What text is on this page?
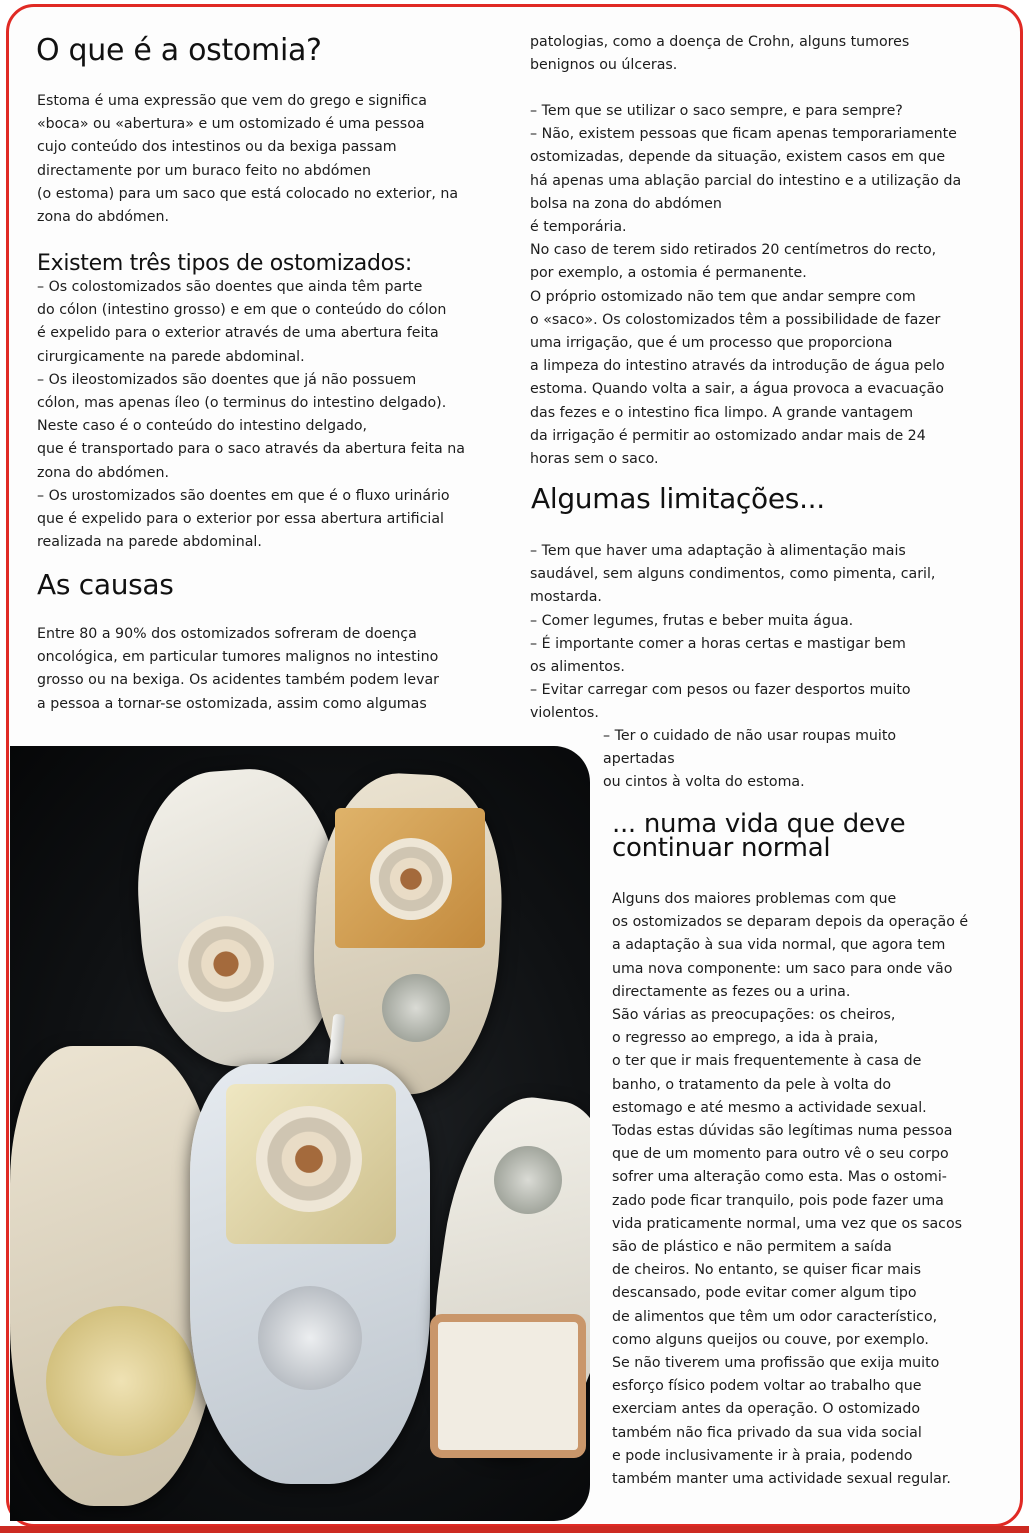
O que é a ostomia?

Estoma é uma expressão que vem do grego e significa
«boca» ou «abertura» e um ostomizado é uma pessoa
cujo conteúdo dos intestinos ou da bexiga passam
directamente por um buraco feito no abdómen
(o estoma) para um saco que está colocado no exterior, na
zona do abdómen.

Existem três tipos de ostomizados:

– Os colostomizados são doentes que ainda têm parte
do cólon (intestino grosso) e em que o conteúdo do cólon
é expelido para o exterior através de uma abertura feita
cirurgicamente na parede abdominal.
– Os ileostomizados são doentes que já não possuem
cólon, mas apenas íleo (o terminus do intestino delgado).
Neste caso é o conteúdo do intestino delgado,
que é transportado para o saco através da abertura feita na
zona do abdómen.
– Os urostomizados são doentes em que é o fluxo urinário
que é expelido para o exterior por essa abertura artificial
realizada na parede abdominal.

As causas

Entre 80 a 90% dos ostomizados sofreram de doença
oncológica, em particular tumores malignos no intestino
grosso ou na bexiga. Os acidentes também podem levar
a pessoa a tornar-se ostomizada, assim como algumas

patologias, como a doença de Crohn, alguns tumores
benignos ou úlceras.

– Tem que se utilizar o saco sempre, e para sempre?
– Não, existem pessoas que ficam apenas temporariamente
ostomizadas, depende da situação, existem casos em que
há apenas uma ablação parcial do intestino e a utilização da
bolsa na zona do abdómen
é temporária.
No caso de terem sido retirados 20 centímetros do recto,
por exemplo, a ostomia é permanente.
O próprio ostomizado não tem que andar sempre com
o «saco». Os colostomizados têm a possibilidade de fazer
uma irrigação, que é um processo que proporciona
a limpeza do intestino através da introdução de água pelo
estoma. Quando volta a sair, a água provoca a evacuação
das fezes e o intestino fica limpo. A grande vantagem
da irrigação é permitir ao ostomizado andar mais de 24
horas sem o saco.

Algumas limitações...

– Tem que haver uma adaptação à alimentação mais
saudável, sem alguns condimentos, como pimenta, caril,
mostarda.
– Comer legumes, frutas e beber muita água.
– É importante comer a horas certas e mastigar bem
os alimentos.
– Evitar carregar com pesos ou fazer desportos muito
violentos.

– Ter o cuidado de não usar roupas muito
apertadas
ou cintos à volta do estoma.

... numa vida que deve
continuar normal

Alguns dos maiores problemas com que
os ostomizados se deparam depois da operação é
a adaptação à sua vida normal, que agora tem
uma nova componente: um saco para onde vão
directamente as fezes ou a urina.
São várias as preocupações: os cheiros,
o regresso ao emprego, a ida à praia,
o ter que ir mais frequentemente à casa de
banho, o tratamento da pele à volta do
estomago e até mesmo a actividade sexual.
Todas estas dúvidas são legítimas numa pessoa
que de um momento para outro vê o seu corpo
sofrer uma alteração como esta. Mas o ostomi-
zado pode ficar tranquilo, pois pode fazer uma
vida praticamente normal, uma vez que os sacos
são de plástico e não permitem a saída
de cheiros. No entanto, se quiser ficar mais
descansado, pode evitar comer algum tipo
de alimentos que têm um odor característico,
como alguns queijos ou couve, por exemplo.
Se não tiverem uma profissão que exija muito
esforço físico podem voltar ao trabalho que
exerciam antes da operação. O ostomizado
também não fica privado da sua vida social
e pode inclusivamente ir à praia, podendo
também manter uma actividade sexual regular.
